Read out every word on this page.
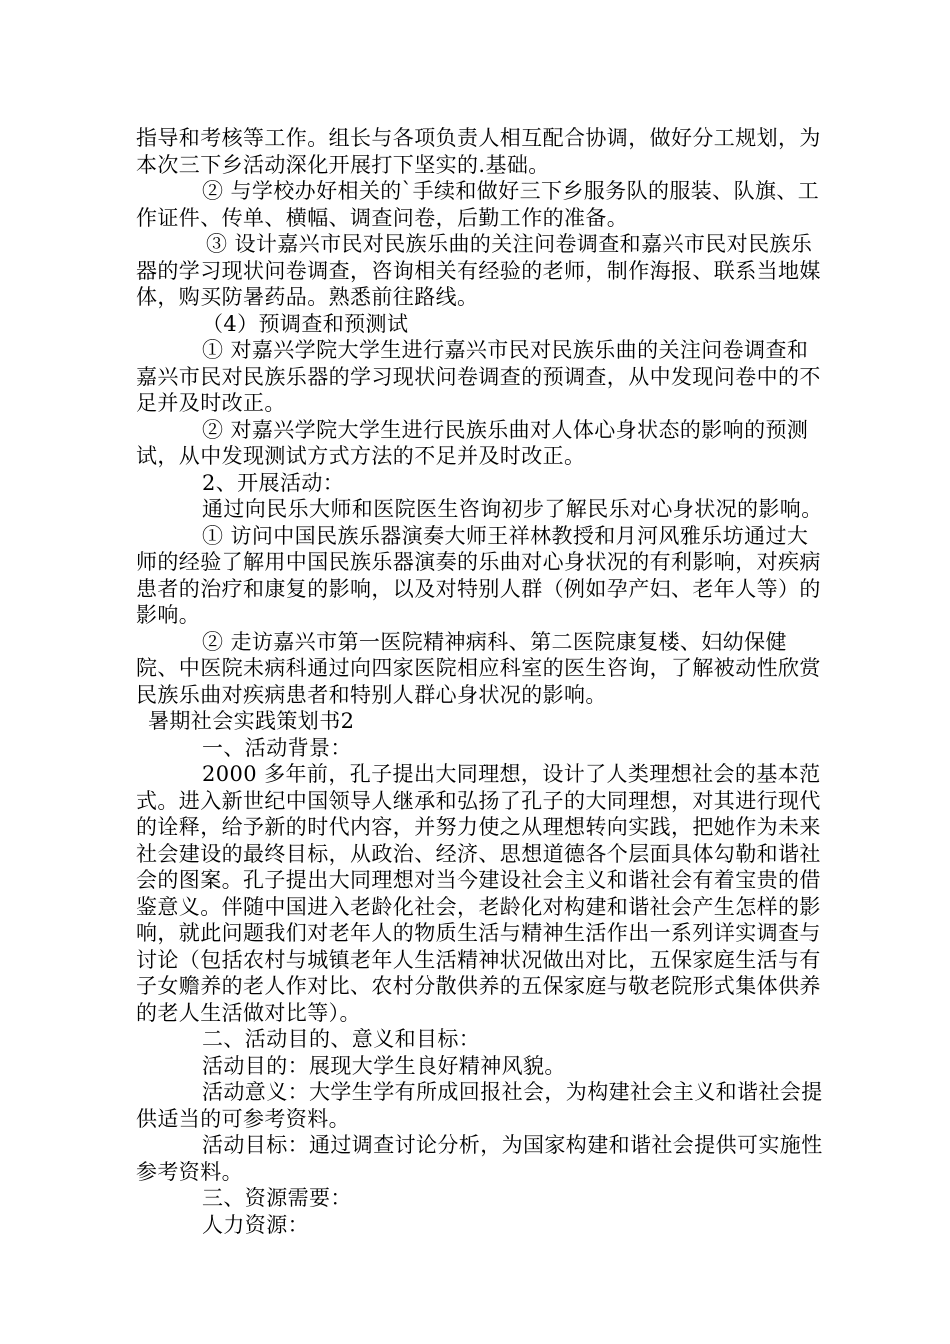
指导和考核等工作。组长与各项负责人相互配合协调，做好分工规划，为本次三下乡活动深化开展打下坚实的.基础。

② 与学校办好相关的`手续和做好三下乡服务队的服装、队旗、工作证件、传单、横幅、调查问卷，后勤工作的准备。

③ 设计嘉兴市民对民族乐曲的关注问卷调查和嘉兴市民对民族乐器的学习现状问卷调查，咨询相关有经验的老师，制作海报、联系当地媒体，购买防暑药品。熟悉前往路线。

（4）预调查和预测试

① 对嘉兴学院大学生进行嘉兴市民对民族乐曲的关注问卷调查和嘉兴市民对民族乐器的学习现状问卷调查的预调查，从中发现问卷中的不足并及时改正。

② 对嘉兴学院大学生进行民族乐曲对人体心身状态的影响的预测试，从中发现测试方式方法的不足并及时改正。

2、开展活动：

通过向民乐大师和医院医生咨询初步了解民乐对心身状况的影响。

① 访问中国民族乐器演奏大师王祥林教授和月河风雅乐坊通过大师的经验了解用中国民族乐器演奏的乐曲对心身状况的有利影响，对疾病患者的治疗和康复的影响，以及对特别人群（例如孕产妇、老年人等）的影响。

② 走访嘉兴市第一医院精神病科、第二医院康复楼、妇幼保健院、中医院未病科通过向四家医院相应科室的医生咨询，了解被动性欣赏民族乐曲对疾病患者和特别人群心身状况的影响。

暑期社会实践策划书2

一、活动背景：

2000 多年前，孔子提出大同理想，设计了人类理想社会的基本范式。进入新世纪中国领导人继承和弘扬了孔子的大同理想，对其进行现代的诠释，给予新的时代内容，并努力使之从理想转向实践，把她作为未来社会建设的最终目标，从政治、经济、思想道德各个层面具体勾勒和谐社会的图案。孔子提出大同理想对当今建设社会主义和谐社会有着宝贵的借鉴意义。伴随中国进入老龄化社会，老龄化对构建和谐社会产生怎样的影响，就此问题我们对老年人的物质生活与精神生活作出一系列详实调查与讨论（包括农村与城镇老年人生活精神状况做出对比，五保家庭生活与有子女赡养的老人作对比、农村分散供养的五保家庭与敬老院形式集体供养的老人生活做对比等）。

二、活动目的、意义和目标：

活动目的：展现大学生良好精神风貌。

活动意义：大学生学有所成回报社会，为构建社会主义和谐社会提供适当的可参考资料。

活动目标：通过调查讨论分析，为国家构建和谐社会提供可实施性参考资料。

三、资源需要：

人力资源：
